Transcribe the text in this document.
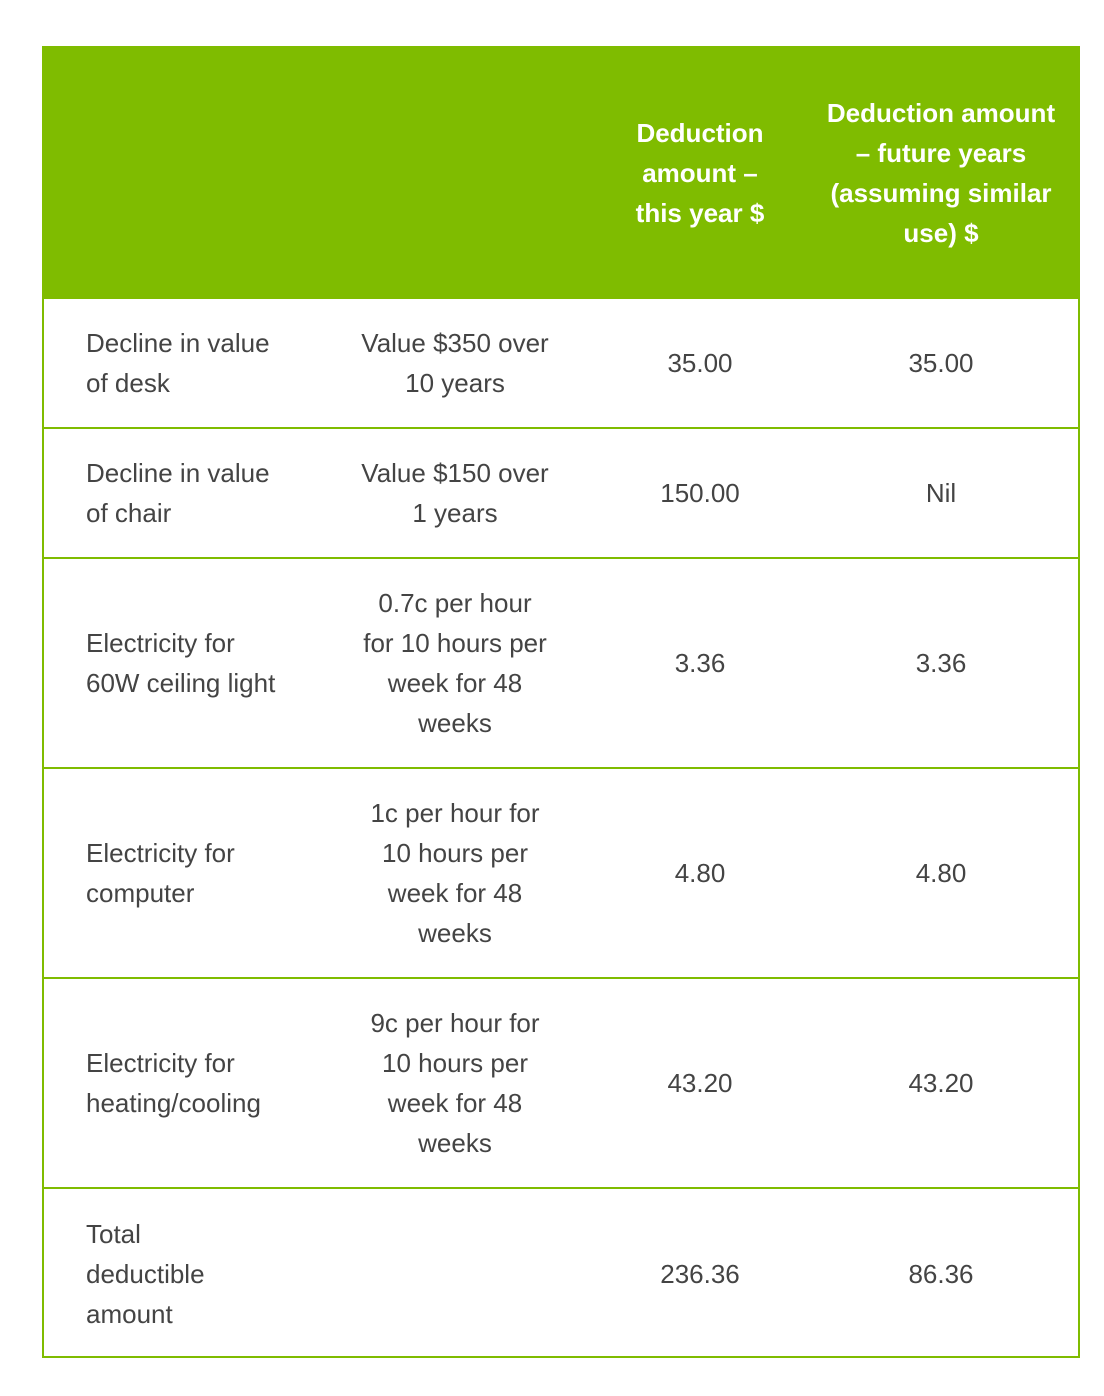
		Deduction amount – this year $	Deduction amount – future years (assuming similar use) $
Decline in value of desk	Value $350 over 10 years	35.00	35.00
Decline in value of chair	Value $150 over 1 years	150.00	Nil
Electricity for 60W ceiling light	0.7c per hour for 10 hours per week for 48 weeks	3.36	3.36
Electricity for computer	1c per hour for 10 hours per week for 48 weeks	4.80	4.80
Electricity for heating/cooling	9c per hour for 10 hours per week for 48 weeks	43.20	43.20
Total deductible amount		236.36	86.36
